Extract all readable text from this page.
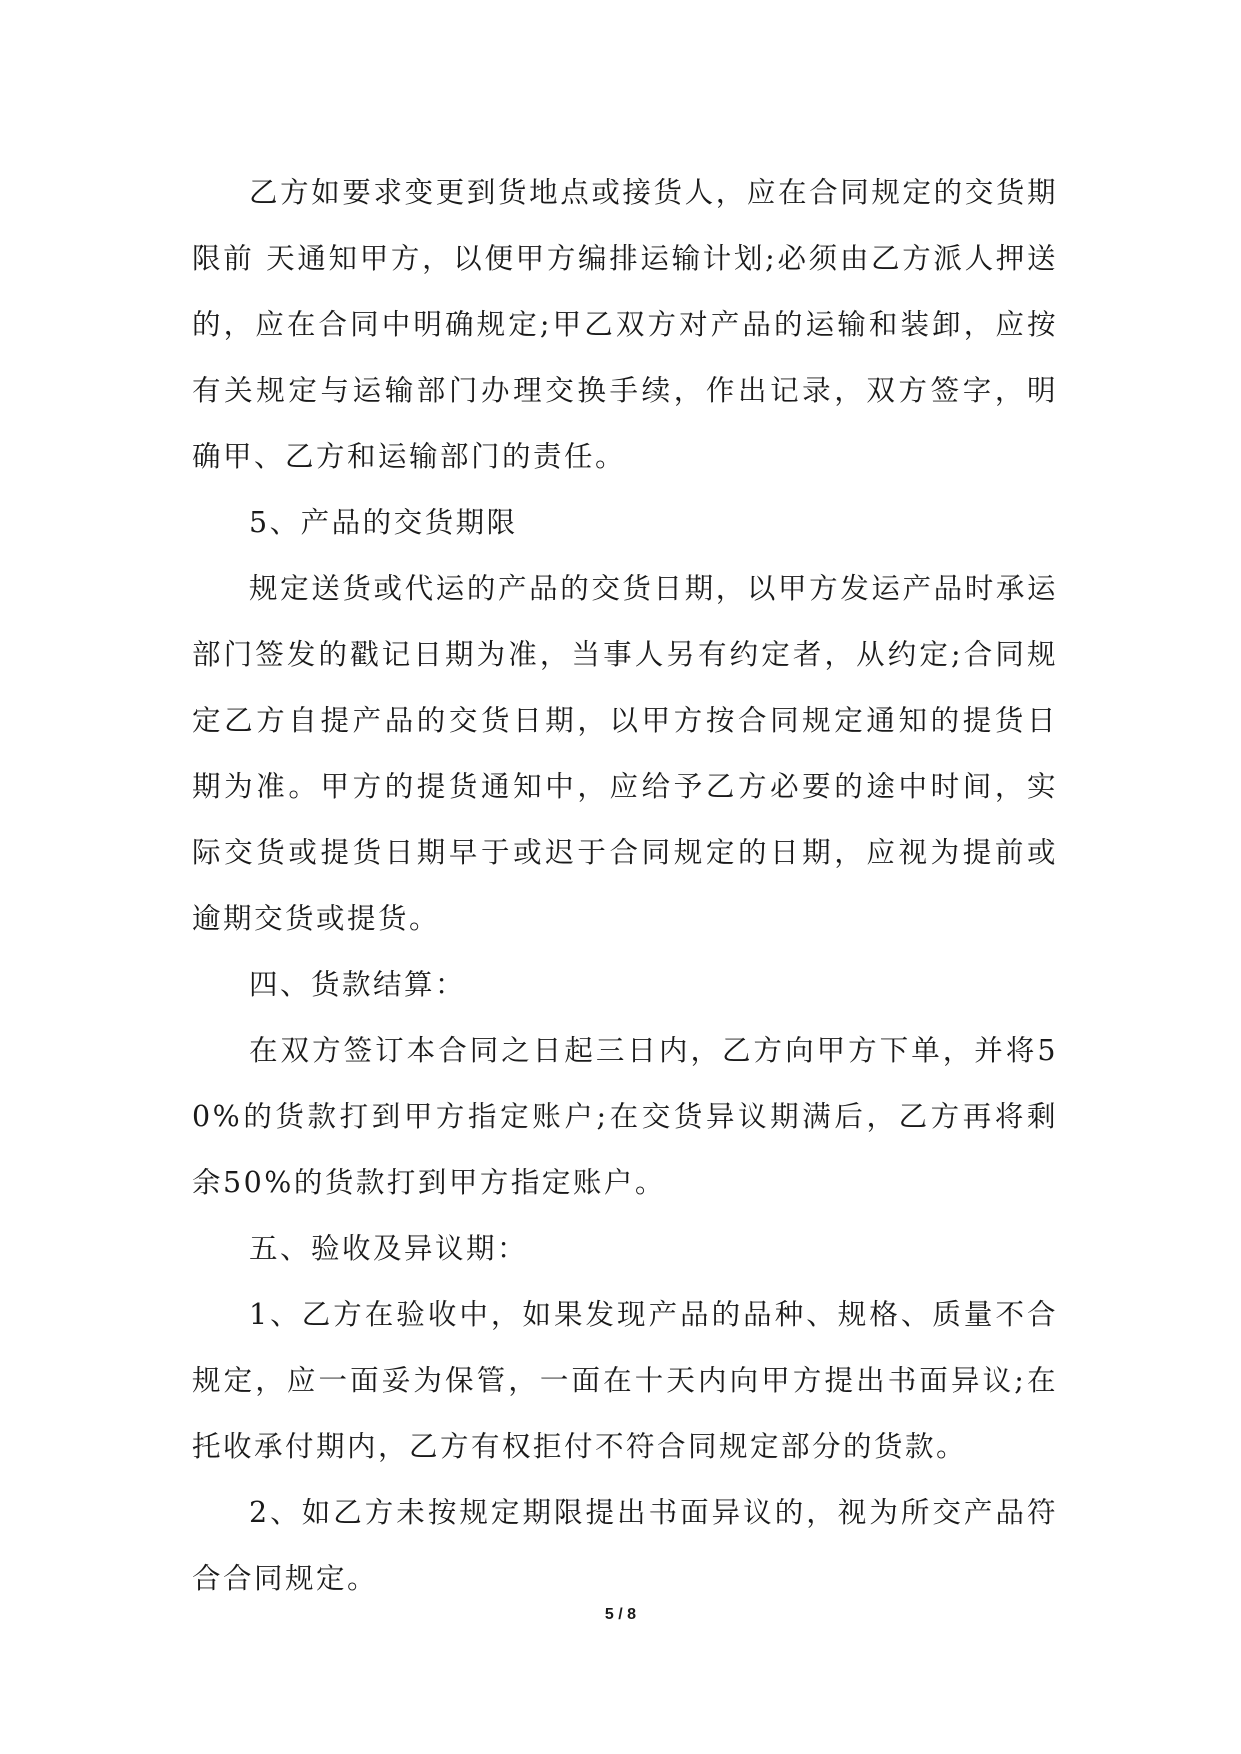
乙方如要求变更到货地点或接货人，应在合同规定的交货期限前 天通知甲方，以便甲方编排运输计划;必须由乙方派人押送的，应在合同中明确规定;甲乙双方对产品的运输和装卸，应按有关规定与运输部门办理交换手续，作出记录，双方签字，明确甲、乙方和运输部门的责任。

5、产品的交货期限

规定送货或代运的产品的交货日期，以甲方发运产品时承运部门签发的戳记日期为准，当事人另有约定者，从约定;合同规定乙方自提产品的交货日期，以甲方按合同规定通知的提货日期为准。甲方的提货通知中，应给予乙方必要的途中时间，实际交货或提货日期早于或迟于合同规定的日期，应视为提前或逾期交货或提货。

四、货款结算：

在双方签订本合同之日起三日内，乙方向甲方下单，并将50%的货款打到甲方指定账户;在交货异议期满后，乙方再将剩余50%的货款打到甲方指定账户。

五、验收及异议期：

1、乙方在验收中，如果发现产品的品种、规格、质量不合规定，应一面妥为保管，一面在十天内向甲方提出书面异议;在托收承付期内，乙方有权拒付不符合同规定部分的货款。

2、如乙方未按规定期限提出书面异议的，视为所交产品符合合同规定。

5 / 8
